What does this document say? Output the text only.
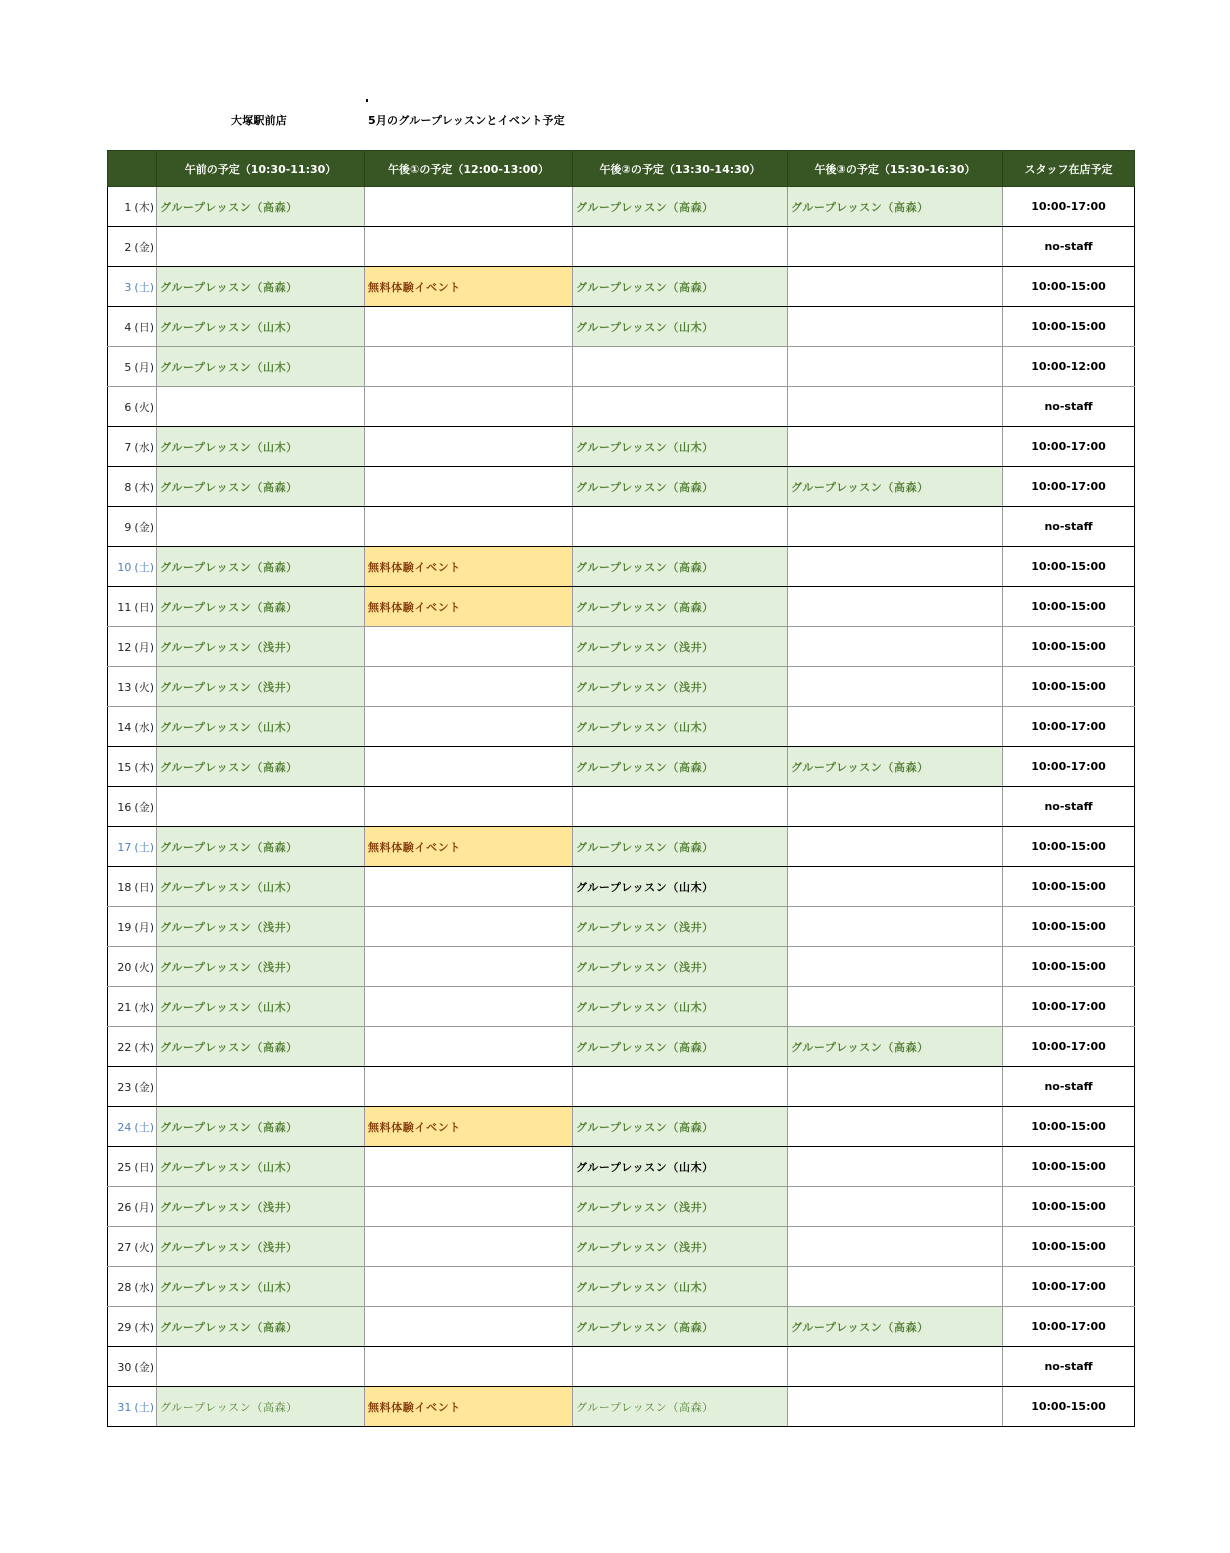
大塚駅前店	5月のグループレッスンとイベント予定
	午前の予定（10:30-11:30）	午後①の予定（12:00-13:00）	午後②の予定（13:30-14:30）	午後③の予定（15:30-16:30）	スタッフ在店予定
1 (木)	グループレッスン（高森）		グループレッスン（高森）	グループレッスン（高森）	10:00-17:00
2 (金)					no-staff
3 (土)	グループレッスン（高森）	無料体験イベント	グループレッスン（高森）		10:00-15:00
4 (日)	グループレッスン（山木）		グループレッスン（山木）		10:00-15:00
5 (月)	グループレッスン（山木）				10:00-12:00
6 (火)					no-staff
7 (水)	グループレッスン（山木）		グループレッスン（山木）		10:00-17:00
8 (木)	グループレッスン（高森）		グループレッスン（高森）	グループレッスン（高森）	10:00-17:00
9 (金)					no-staff
10 (土)	グループレッスン（高森）	無料体験イベント	グループレッスン（高森）		10:00-15:00
11 (日)	グループレッスン（高森）	無料体験イベント	グループレッスン（高森）		10:00-15:00
12 (月)	グループレッスン（浅井）		グループレッスン（浅井）		10:00-15:00
13 (火)	グループレッスン（浅井）		グループレッスン（浅井）		10:00-15:00
14 (水)	グループレッスン（山木）		グループレッスン（山木）		10:00-17:00
15 (木)	グループレッスン（高森）		グループレッスン（高森）	グループレッスン（高森）	10:00-17:00
16 (金)					no-staff
17 (土)	グループレッスン（高森）	無料体験イベント	グループレッスン（高森）		10:00-15:00
18 (日)	グループレッスン（山木）		グループレッスン（山木）		10:00-15:00
19 (月)	グループレッスン（浅井）		グループレッスン（浅井）		10:00-15:00
20 (火)	グループレッスン（浅井）		グループレッスン（浅井）		10:00-15:00
21 (水)	グループレッスン（山木）		グループレッスン（山木）		10:00-17:00
22 (木)	グループレッスン（高森）		グループレッスン（高森）	グループレッスン（高森）	10:00-17:00
23 (金)					no-staff
24 (土)	グループレッスン（高森）	無料体験イベント	グループレッスン（高森）		10:00-15:00
25 (日)	グループレッスン（山木）		グループレッスン（山木）		10:00-15:00
26 (月)	グループレッスン（浅井）		グループレッスン（浅井）		10:00-15:00
27 (火)	グループレッスン（浅井）		グループレッスン（浅井）		10:00-15:00
28 (水)	グループレッスン（山木）		グループレッスン（山木）		10:00-17:00
29 (木)	グループレッスン（高森）		グループレッスン（高森）	グループレッスン（高森）	10:00-17:00
30 (金)					no-staff
31 (土)	グループレッスン（高森）	無料体験イベント	グループレッスン（高森）		10:00-15:00
